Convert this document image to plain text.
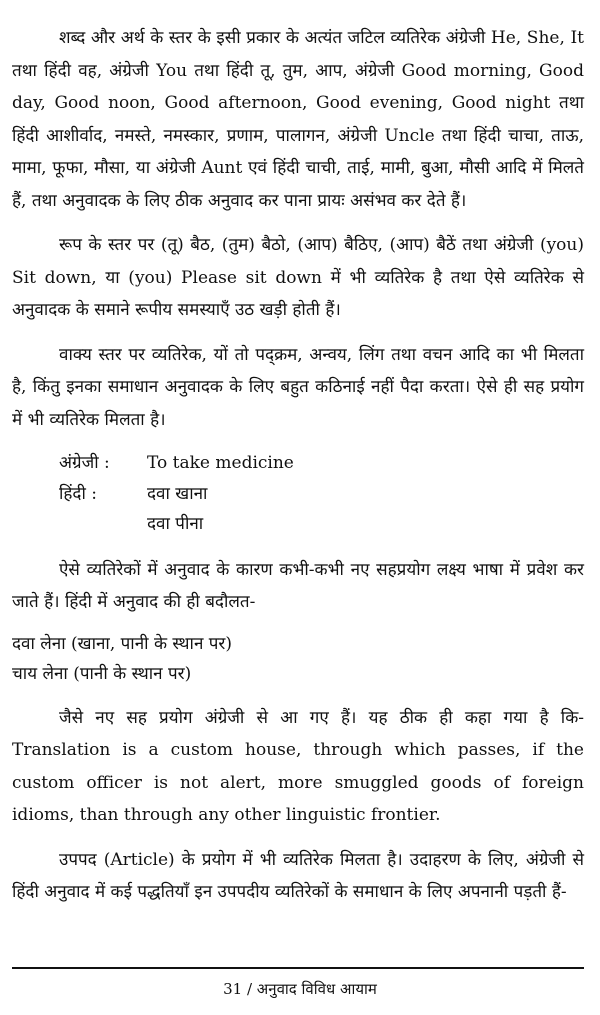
शब्द और अर्थ के स्तर के इसी प्रकार के अत्यंत जटिल व्यतिरेक अंग्रेजी He, She, It तथा हिंदी वह, अंग्रेजी You तथा हिंदी तू, तुम, आप, अंग्रेजी Good morning, Good day, Good noon, Good afternoon, Good evening, Good night तथा हिंदी आशीर्वाद, नमस्ते, नमस्कार, प्रणाम, पालागन, अंग्रेजी Uncle तथा हिंदी चाचा, ताऊ, मामा, फूफा, मौसा, या अंग्रेजी Aunt एवं हिंदी चाची, ताई, मामी, बुआ, मौसी आदि में मिलते हैं, तथा अनुवादक के लिए ठीक अनुवाद कर पाना प्रायः असंभव कर देते हैं।

रूप के स्तर पर (तू) बैठ, (तुम) बैठो, (आप) बैठिए, (आप) बैठें तथा अंग्रेजी (you) Sit down, या (you) Please sit down में भी व्यतिरेक है तथा ऐसे व्यतिरेक से अनुवादक के समाने रूपीय समस्याएँ उठ खड़ी होती हैं।

वाक्य स्तर पर व्यतिरेक, यों तो पद्क्रम, अन्वय, लिंग तथा वचन आदि का भी मिलता है, किंतु इनका समाधान अनुवादक के लिए बहुत कठिनाई नहीं पैदा करता। ऐसे ही सह प्रयोग में भी व्यतिरेक मिलता है।

अंग्रेजी :	To take medicine
हिंदी :	दवा खाना
दवा पीना

ऐसे व्यतिरेकों में अनुवाद के कारण कभी-कभी नए सहप्रयोग लक्ष्य भाषा में प्रवेश कर जाते हैं। हिंदी में अनुवाद की ही बदौलत-

दवा लेना (खाना, पानी के स्थान पर)
चाय लेना (पानी के स्थान पर)

जैसे नए सह प्रयोग अंग्रेजी से आ गए हैं। यह ठीक ही कहा गया है कि- Translation is a custom house, through which passes, if the custom officer is not alert, more smuggled goods of foreign idioms, than through any other linguistic frontier.

उपपद (Article) के प्रयोग में भी व्यतिरेक मिलता है। उदाहरण के लिए, अंग्रेजी से हिंदी अनुवाद में कई पद्धतियाँ इन उपपदीय व्यतिरेकों के समाधान के लिए अपनानी पड़ती हैं-

31 / अनुवाद विविध आयाम
